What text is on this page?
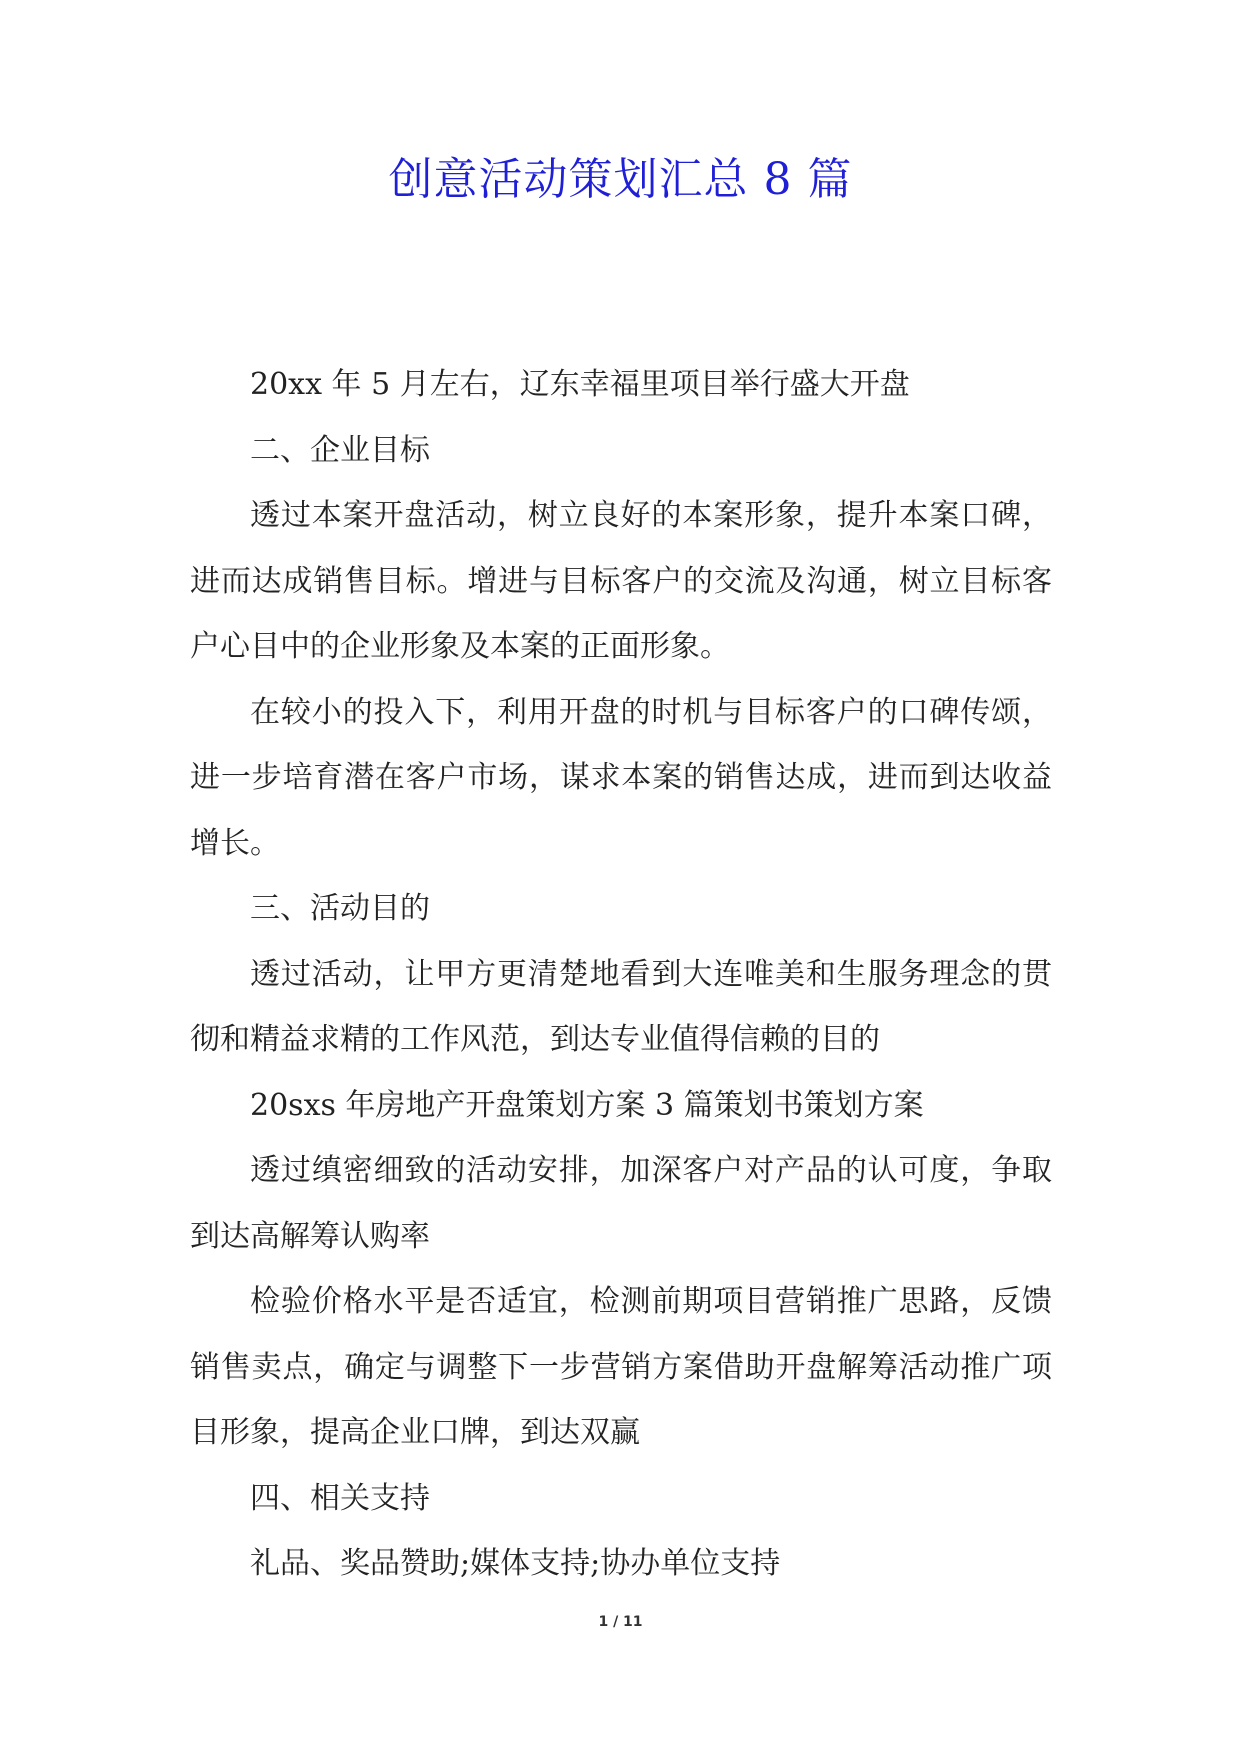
创意活动策划汇总 8 篇

20xx 年 5 月左右，辽东幸福里项目举行盛大开盘

二、企业目标

透过本案开盘活动，树立良好的本案形象，提升本案口碑，进而达成销售目标。增进与目标客户的交流及沟通，树立目标客户心目中的企业形象及本案的正面形象。

在较小的投入下，利用开盘的时机与目标客户的口碑传颂，进一步培育潜在客户市场，谋求本案的销售达成，进而到达收益增长。

三、活动目的

透过活动，让甲方更清楚地看到大连唯美和生服务理念的贯彻和精益求精的工作风范，到达专业值得信赖的目的

20sxs 年房地产开盘策划方案 3 篇策划书策划方案

透过缜密细致的活动安排，加深客户对产品的认可度，争取到达高解筹认购率

检验价格水平是否适宜，检测前期项目营销推广思路，反馈销售卖点，确定与调整下一步营销方案借助开盘解筹活动推广项目形象，提高企业口牌，到达双赢

四、相关支持

礼品、奖品赞助;媒体支持;协办单位支持

1 / 11
